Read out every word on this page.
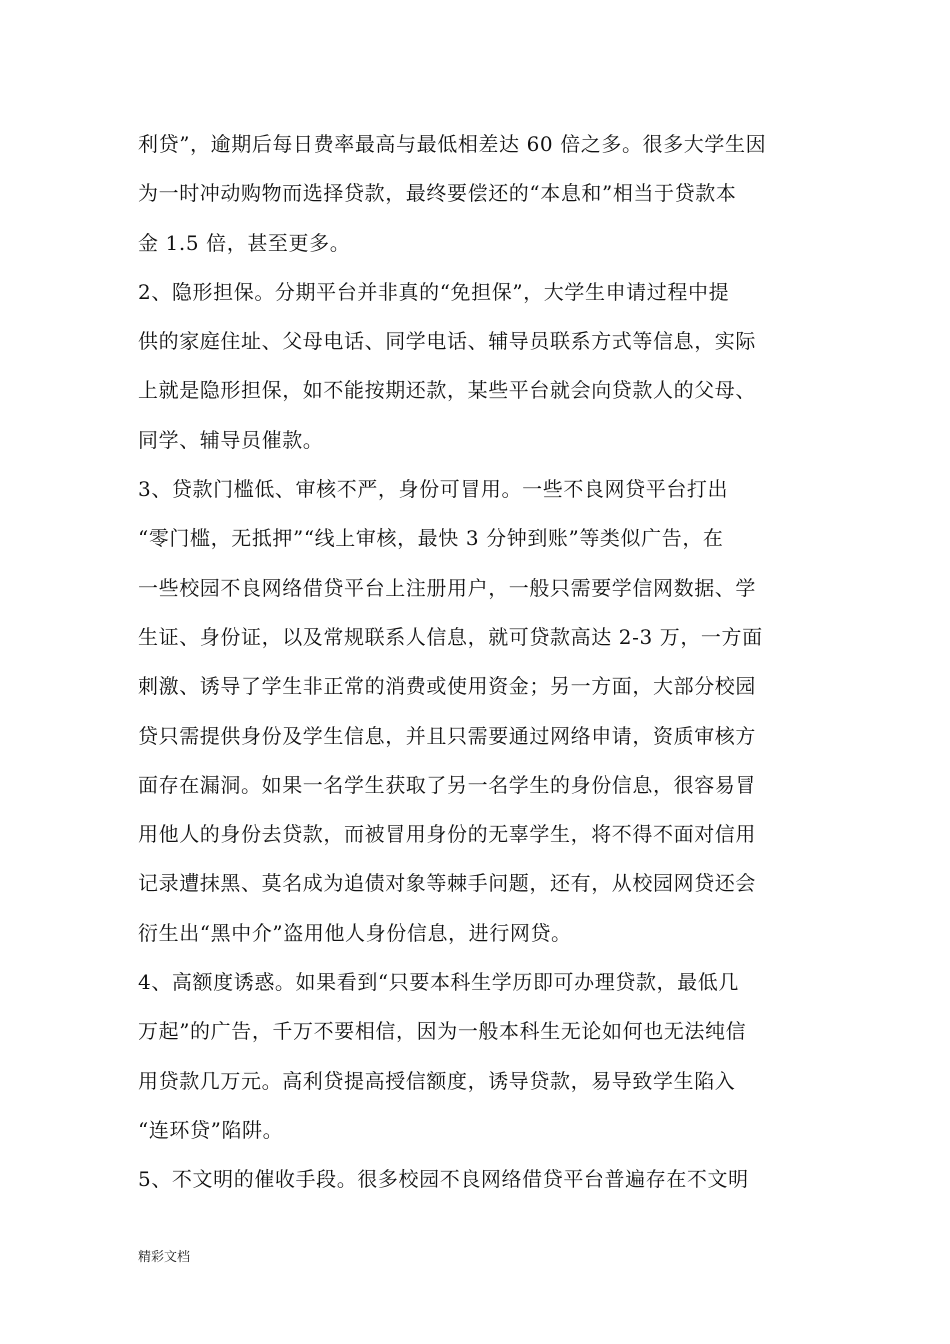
利贷”，逾期后每日费率最高与最低相差达 60 倍之多。很多大学生因
为一时冲动购物而选择贷款，最终要偿还的“本息和”相当于贷款本
金 1.5 倍，甚至更多。
2、隐形担保。分期平台并非真的“免担保”，大学生申请过程中提
供的家庭住址、父母电话、同学电话、辅导员联系方式等信息，实际
上就是隐形担保，如不能按期还款，某些平台就会向贷款人的父母、
同学、辅导员催款。
3、贷款门槛低、审核不严，身份可冒用。一些不良网贷平台打出
“零门槛，无抵押”“线上审核，最快 3 分钟到账”等类似广告，在
一些校园不良网络借贷平台上注册用户，一般只需要学信网数据、学
生证、身份证，以及常规联系人信息，就可贷款高达 2-3 万，一方面
刺激、诱导了学生非正常的消费或使用资金；另一方面，大部分校园
贷只需提供身份及学生信息，并且只需要通过网络申请，资质审核方
面存在漏洞。如果一名学生获取了另一名学生的身份信息，很容易冒
用他人的身份去贷款，而被冒用身份的无辜学生，将不得不面对信用
记录遭抹黑、莫名成为追债对象等棘手问题，还有，从校园网贷还会
衍生出“黑中介”盗用他人身份信息，进行网贷。
4、高额度诱惑。如果看到“只要本科生学历即可办理贷款，最低几
万起”的广告，千万不要相信，因为一般本科生无论如何也无法纯信
用贷款几万元。高利贷提高授信额度，诱导贷款，易导致学生陷入
“连环贷”陷阱。
5、不文明的催收手段。很多校园不良网络借贷平台普遍存在不文明
精彩文档
